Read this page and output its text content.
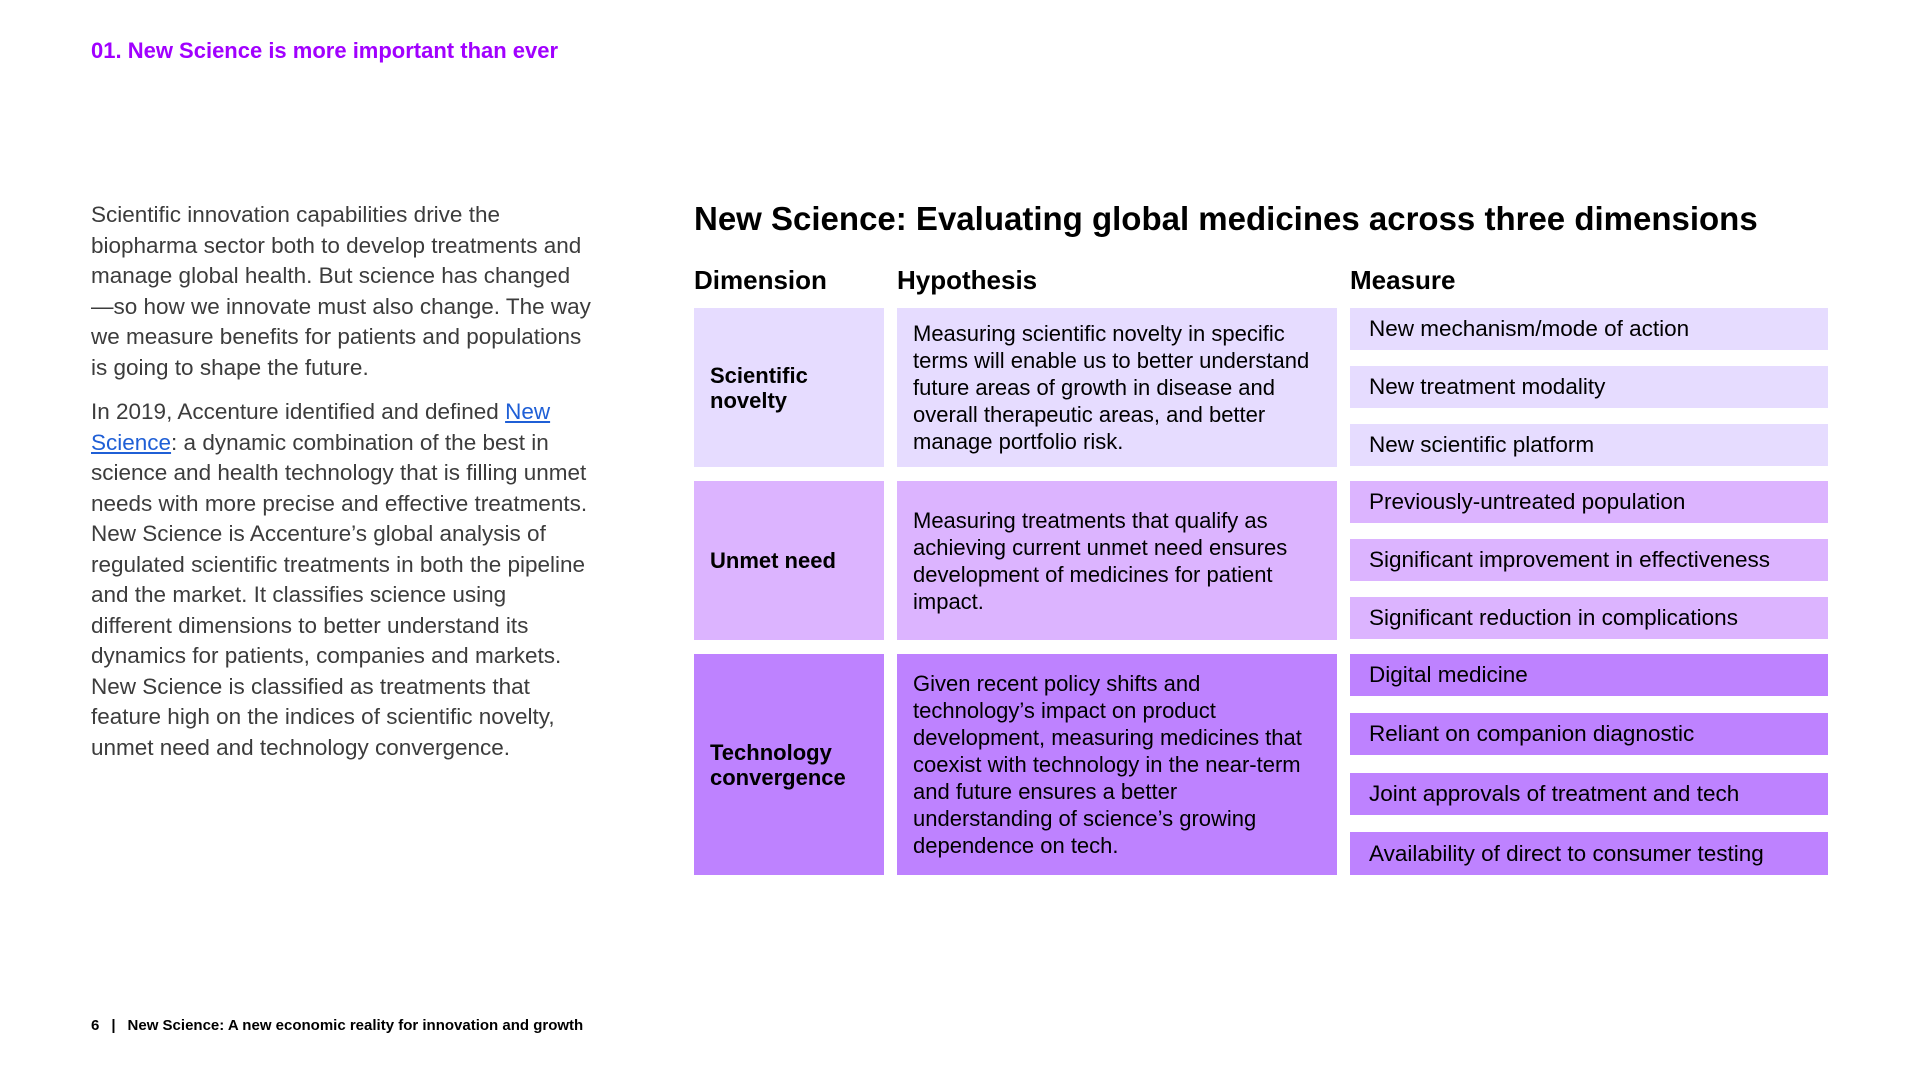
01. New Science is more important than ever

Scientific innovation capabilities drive the biopharma sector both to develop treatments and manage global health. But science has changed—so how we innovate must also change. The way we measure benefits for patients and populations is going to shape the future.

In 2019, Accenture identified and defined New Science: a dynamic combination of the best in science and health technology that is filling unmet needs with more precise and effective treatments. New Science is Accenture’s global analysis of regulated scientific treatments in both the pipeline and the market. It classifies science using different dimensions to better understand its dynamics for patients, companies and markets. New Science is classified as treatments that feature high on the indices of scientific novelty, unmet need and technology convergence.

New Science: Evaluating global medicines across three dimensions
Dimension	Hypothesis	Measure
Scientific novelty
Measuring scientific novelty in specific terms will enable us to better understand future areas of growth in disease and overall therapeutic areas, and better manage portfolio risk.
New mechanism/mode of action
New treatment modality
New scientific platform
Unmet need
Measuring treatments that qualify as achieving current unmet need ensures development of medicines for patient impact.
Previously-untreated population
Significant improvement in effectiveness
Significant reduction in complications
Technology convergence
Given recent policy shifts and technology’s impact on product development, measuring medicines that coexist with technology in the near-term and future ensures a better understanding of science’s growing dependence on tech.
Digital medicine
Reliant on companion diagnostic
Joint approvals of treatment and tech
Availability of direct to consumer testing
6 | New Science: A new economic reality for innovation and growth
